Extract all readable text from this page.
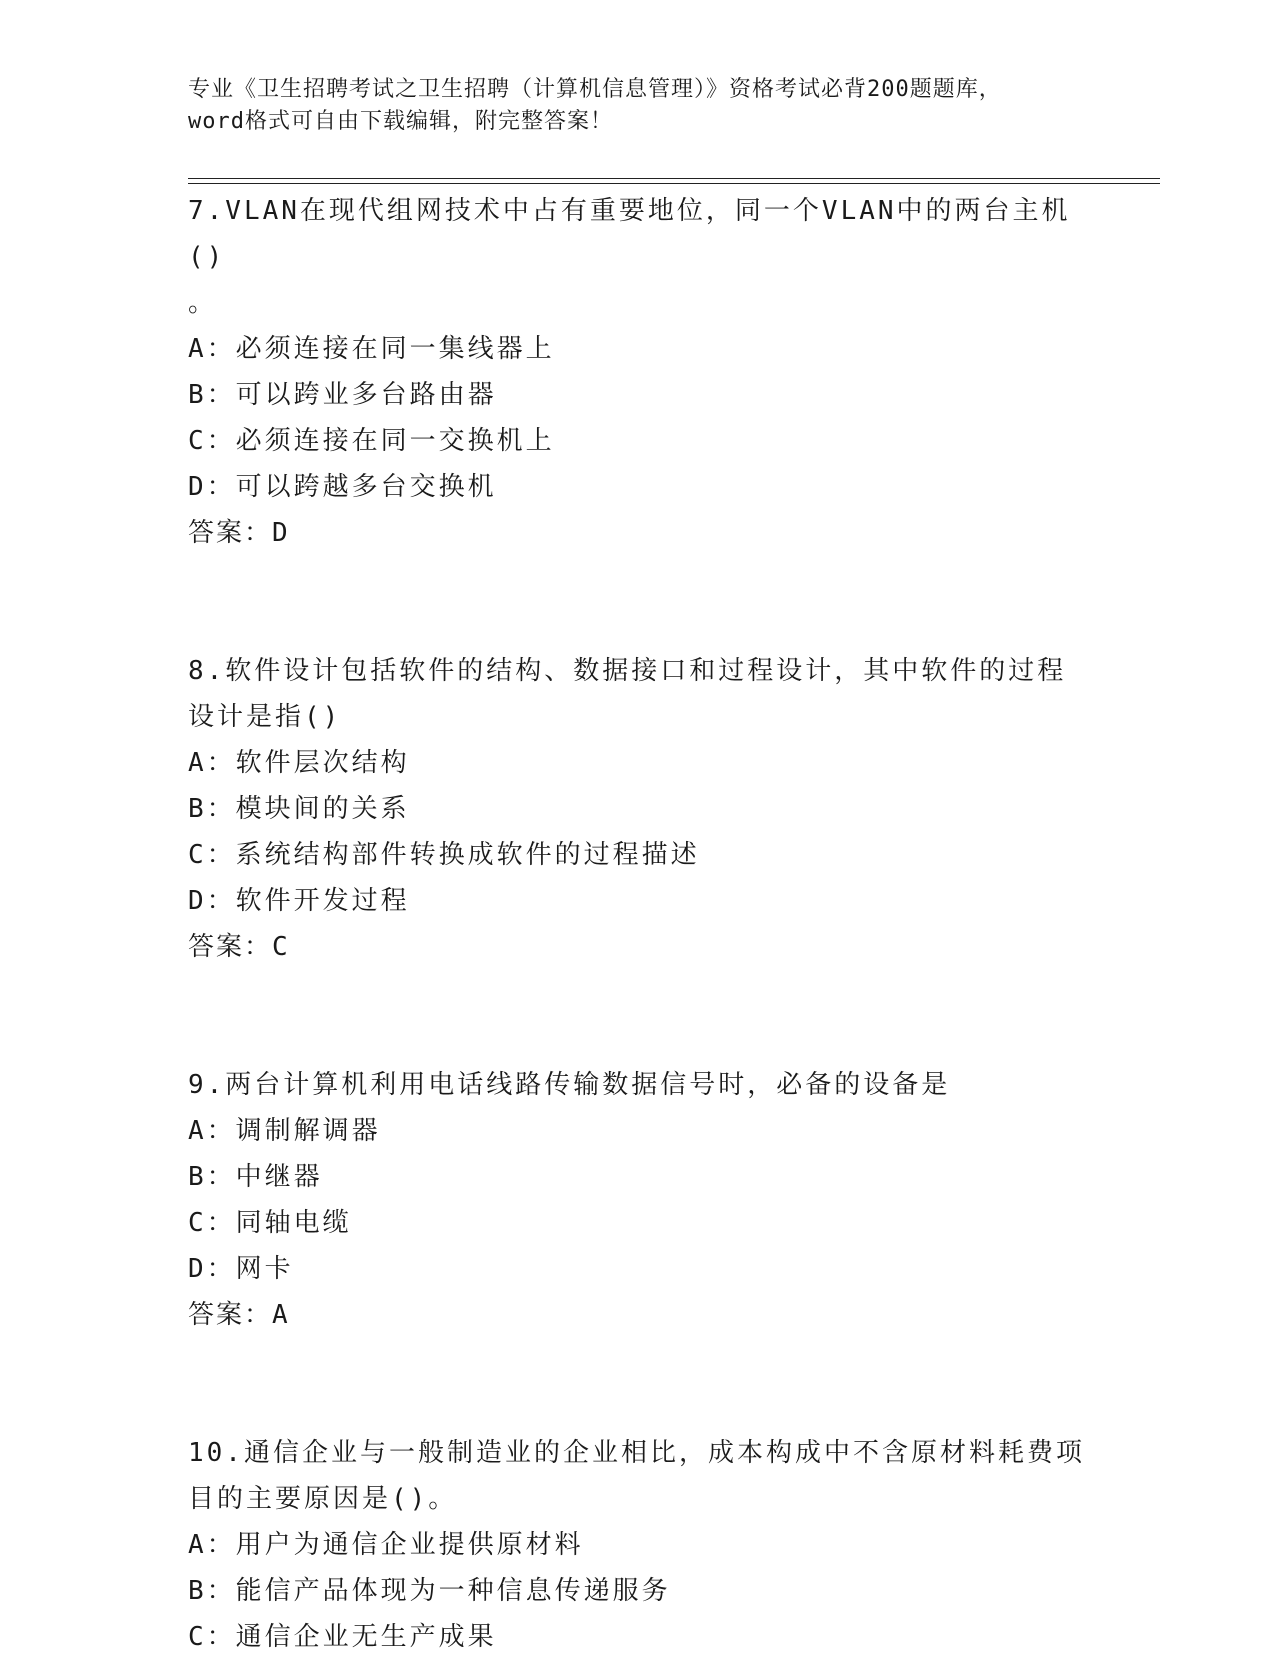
专业《卫生招聘考试之卫生招聘（计算机信息管理）》资格考试必背200题题库，
word格式可自由下载编辑，附完整答案！

7.VLAN在现代组网技术中占有重要地位，同一个VLAN中的两台主机()

。

A：必须连接在同一集线器上

B：可以跨业多台路由器

C：必须连接在同一交换机上

D：可以跨越多台交换机

答案：D

8.软件设计包括软件的结构、数据接口和过程设计，其中软件的过程

设计是指()

A：软件层次结构

B：模块间的关系

C：系统结构部件转换成软件的过程描述

D：软件开发过程

答案：C

9.两台计算机利用电话线路传输数据信号时，必备的设备是

A：调制解调器

B：中继器

C：同轴电缆

D：网卡

答案：A

10.通信企业与一般制造业的企业相比，成本构成中不含原材料耗费项

目的主要原因是()。

A：用户为通信企业提供原材料

B：能信产品体现为一种信息传递服务

C：通信企业无生产成果
